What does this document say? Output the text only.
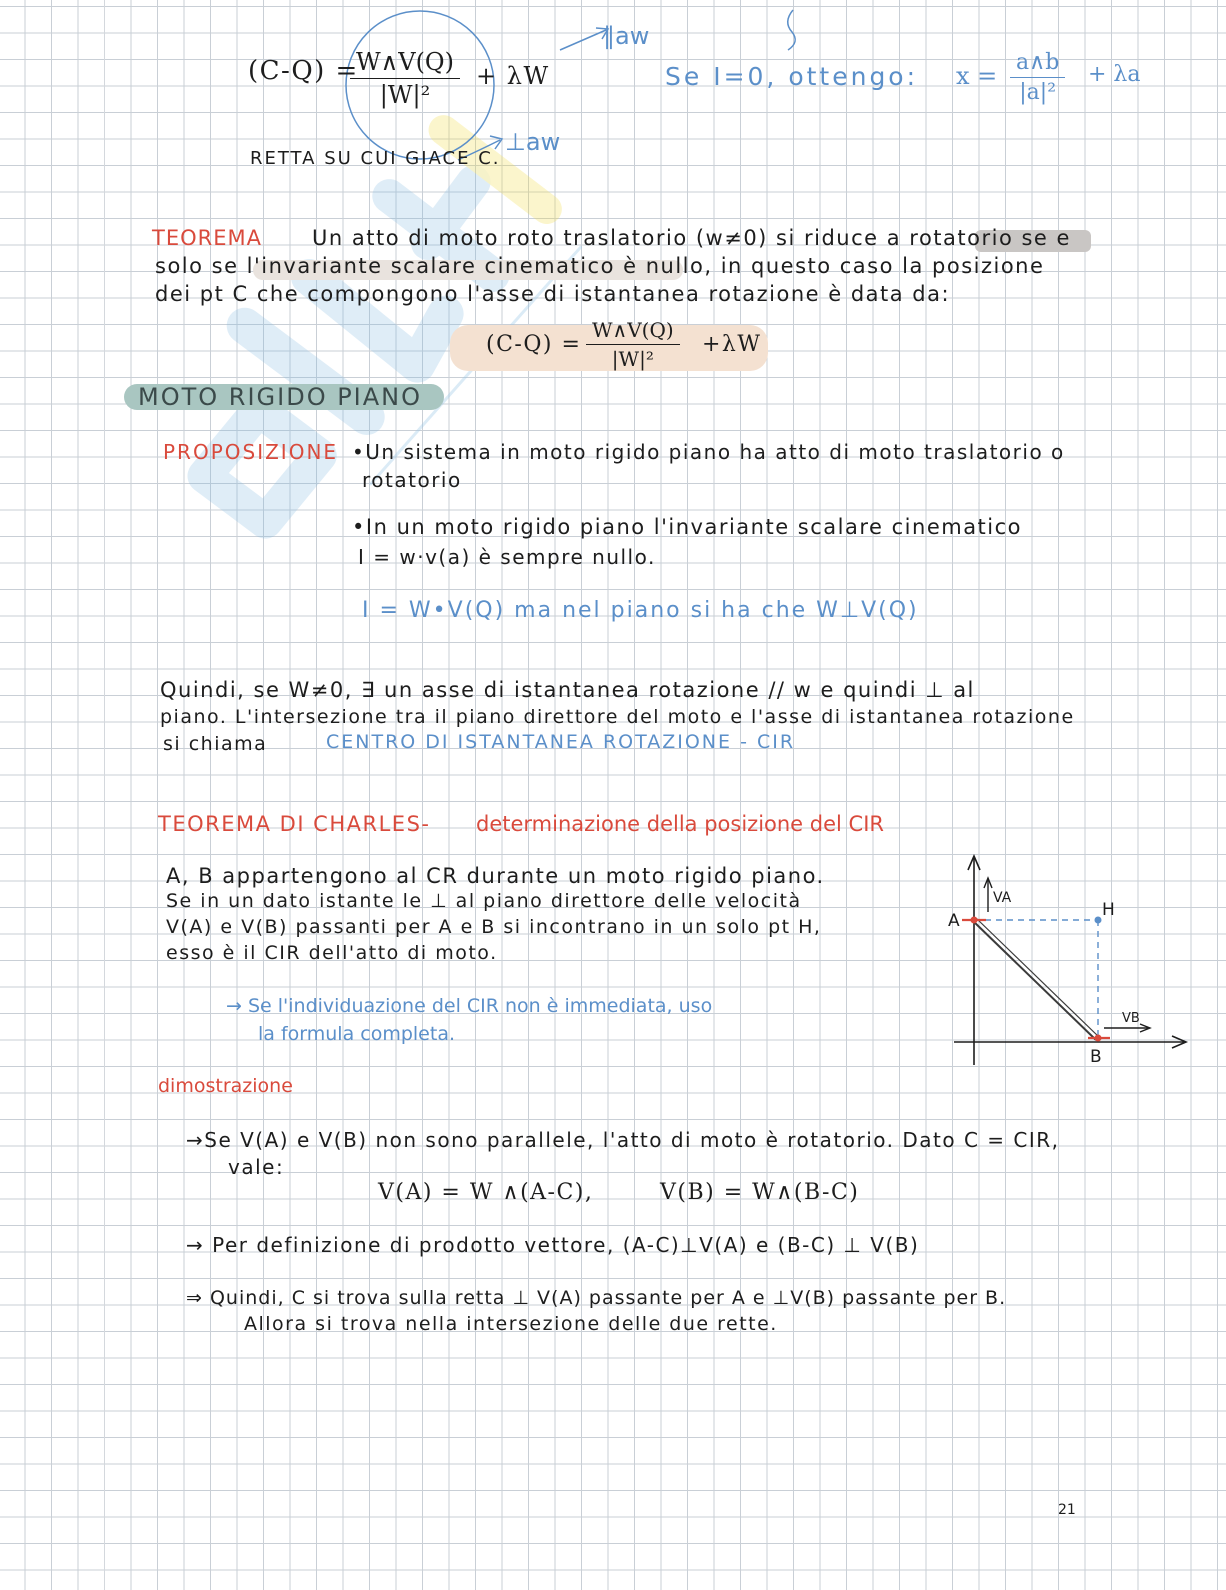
(C-Q) =
$\frac{W\wedge V(Q)}{\text{|W|²}} + \lambda W$
∥aw
⊥aw
RETTA SU CUI GIACE C.
Se I=0, ottengo: $x = \frac{a\wedge b}{\text{|a|²}} + \lambda a$
TEOREMA Un atto di moto roto traslatorio (w≠0) si riduce a rotatorio se e
solo se l'invariante scalare cinematico è nullo, in questo caso la posizione
dei pt C che compongono l'asse di istantanea rotazione è data da:
$(C-Q) = \frac{W\wedge V(Q)}{\text{|W|²}} +\lambda W$
MOTO RIGIDO PIANO
PROPOSIZIONE •Un sistema in moto rigido piano ha atto di moto traslatorio o
rotatorio
•In un moto rigido piano l'invariante scalare cinematico
I = w·v(a) è sempre nullo.
I = W•V(Q) ma nel piano si ha che W⊥V(Q)
Quindi, se W≠0, ∃ un asse di istantanea rotazione // w e quindi ⊥ al
piano. L'intersezione tra il piano direttore del moto e l'asse di istantanea rotazione
si chiama	CENTRO DI ISTANTANEA ROTAZIONE - CIR
TEOREMA DI CHARLES- determinazione della posizione del CIR
A, B appartengono al CR durante un moto rigido piano.
Se in un dato istante le ⊥ al piano direttore delle velocità
V(A) e V(B) passanti per A e B si incontrano in un solo pt H,
esso è il CIR dell'atto di moto.
→ Se l'individuazione del CIR non è immediata, uso
la formula completa.
A
VA
H
VB
B
dimostrazione
→Se V(A) e V(B) non sono parallele, l'atto di moto è rotatorio. Dato C = CIR,
vale:
V(A) = W ∧(A-C),	V(B) = W∧(B-C)
→ Per definizione di prodotto vettore, (A-C)⊥V(A) e (B-C) ⊥ V(B)
⇒ Quindi, C si trova sulla retta ⊥ V(A) passante per A e ⊥V(B) passante per B.
Allora si trova nella intersezione delle due rette.
21
